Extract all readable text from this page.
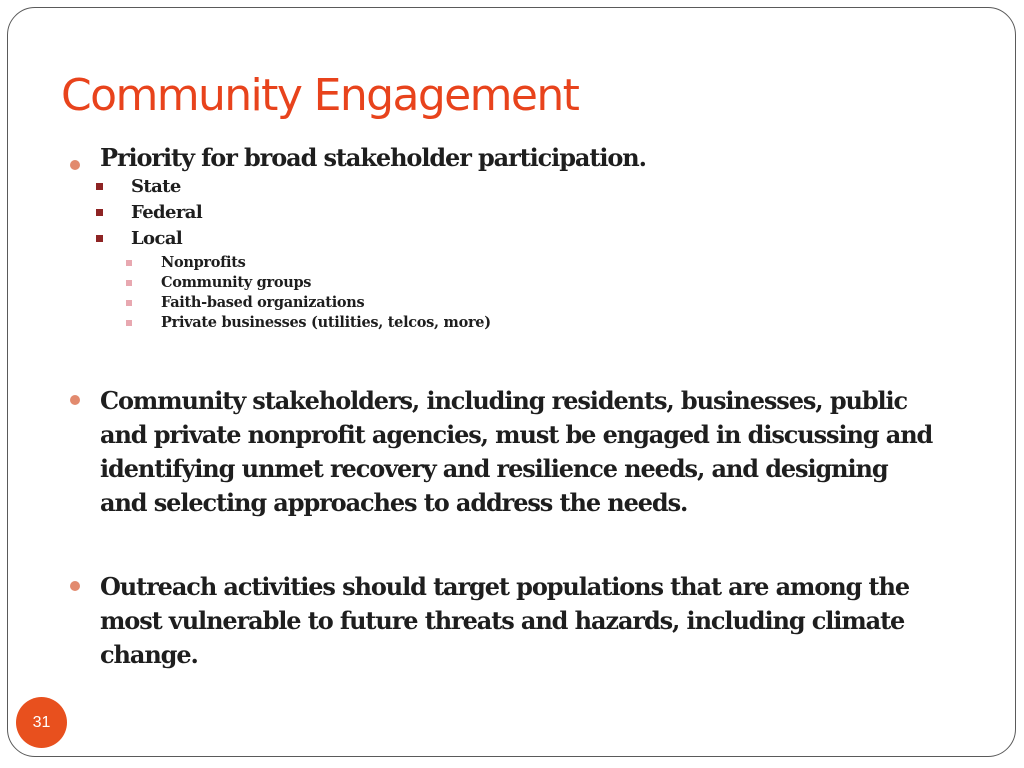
Community Engagement
Priority for broad stakeholder participation.
State
Federal
Local
Nonprofits
Community groups
Faith-based organizations
Private businesses (utilities, telcos, more)
Community stakeholders, including residents, businesses, public
and private nonprofit agencies, must be engaged in discussing and
identifying unmet recovery and resilience needs, and designing
and selecting approaches to address the needs.
Outreach activities should target populations that are among the
most vulnerable to future threats and hazards, including climate
change.
31
